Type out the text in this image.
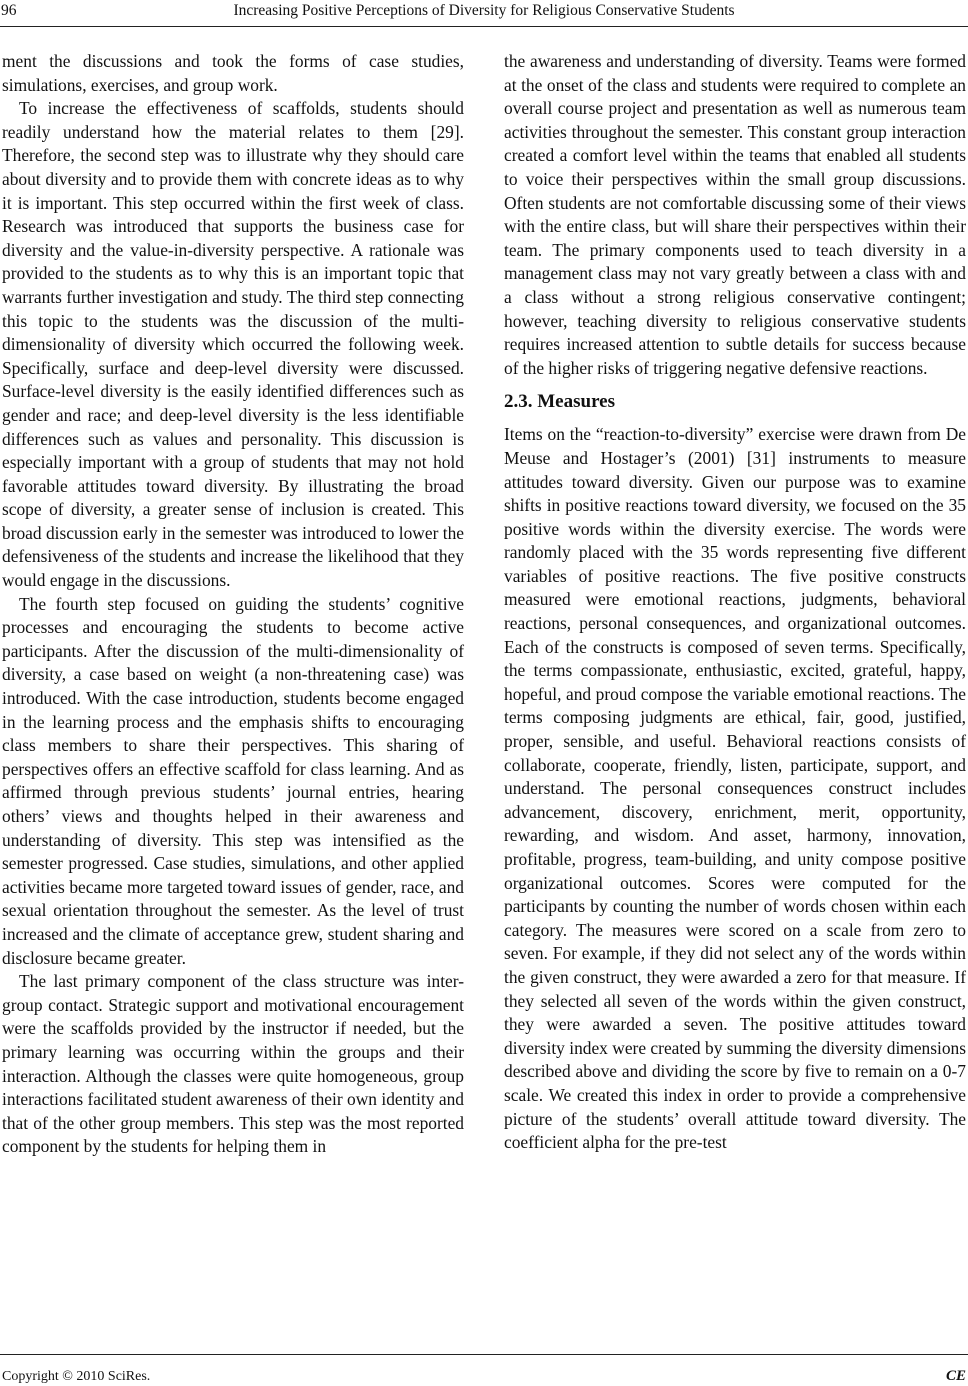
96	Increasing Positive Perceptions of Diversity for Religious Conservative Students

ment the discussions and took the forms of case studies, simulations, exercises, and group work.

To increase the effectiveness of scaffolds, students should readily understand how the material relates to them [29]. Therefore, the second step was to illustrate why they should care about diversity and to provide them with concrete ideas as to why it is important. This step occurred within the first week of class. Research was introduced that supports the business case for diversity and the value-in-diversity perspective. A rationale was provided to the students as to why this is an important topic that warrants further investigation and study. The third step connecting this topic to the students was the discussion of the multi-dimensionality of diversity which occurred the following week. Specifically, surface and deep-level diversity were discussed. Surface-level diversity is the easily identified differences such as gender and race; and deep-level diversity is the less identifiable differences such as values and personality. This discussion is especially important with a group of students that may not hold favorable attitudes toward diversity. By illustrating the broad scope of diversity, a greater sense of inclusion is created. This broad discussion early in the semester was introduced to lower the defensiveness of the students and increase the likelihood that they would engage in the discussions.

The fourth step focused on guiding the students’ cognitive processes and encouraging the students to become active participants. After the discussion of the multi-dimensionality of diversity, a case based on weight (a non-threatening case) was introduced. With the case introduction, students become engaged in the learning process and the emphasis shifts to encouraging class members to share their perspectives. This sharing of perspectives offers an effective scaffold for class learning. And as affirmed through previous students’ journal entries, hearing others’ views and thoughts helped in their awareness and understanding of diversity. This step was intensified as the semester progressed. Case studies, simulations, and other applied activities became more targeted toward issues of gender, race, and sexual orientation throughout the semester. As the level of trust increased and the climate of acceptance grew, student sharing and disclosure became greater.

The last primary component of the class structure was inter-group contact. Strategic support and motivational encouragement were the scaffolds provided by the instructor if needed, but the primary learning was occurring within the groups and their interaction. Although the classes were quite homogeneous, group interactions facilitated student awareness of their own identity and that of the other group members. This step was the most reported component by the students for helping them in

the awareness and understanding of diversity. Teams were formed at the onset of the class and students were required to complete an overall course project and presentation as well as numerous team activities throughout the semester. This constant group interaction created a comfort level within the teams that enabled all students to voice their perspectives within the small group discussions. Often students are not comfortable discussing some of their views with the entire class, but will share their perspectives within their team. The primary components used to teach diversity in a management class may not vary greatly between a class with and a class without a strong religious conservative contingent; however, teaching diversity to religious conservative students requires increased attention to subtle details for success because of the higher risks of triggering negative defensive reactions.

2.3. Measures

Items on the “reaction-to-diversity” exercise were drawn from De Meuse and Hostager’s (2001) [31] instruments to measure attitudes toward diversity. Given our purpose was to examine shifts in positive reactions toward diversity, we focused on the 35 positive words within the diversity exercise. The words were randomly placed with the 35 words representing five different variables of positive reactions. The five positive constructs measured were emotional reactions, judgments, behavioral reactions, personal consequences, and organizational outcomes. Each of the constructs is composed of seven terms. Specifically, the terms compassionate, enthusiastic, excited, grateful, happy, hopeful, and proud compose the variable emotional reactions. The terms composing judgments are ethical, fair, good, justified, proper, sensible, and useful. Behavioral reactions consists of collaborate, cooperate, friendly, listen, participate, support, and understand. The personal consequences construct includes advancement, discovery, enrichment, merit, opportunity, rewarding, and wisdom. And asset, harmony, innovation, profitable, progress, team-building, and unity compose positive organizational outcomes. Scores were computed for the participants by counting the number of words chosen within each category. The measures were scored on a scale from zero to seven. For example, if they did not select any of the words within the given construct, they were awarded a zero for that measure. If they selected all seven of the words within the given construct, they were awarded a seven. The positive attitudes toward diversity index were created by summing the diversity dimensions described above and dividing the score by five to remain on a 0-7 scale. We created this index in order to provide a comprehensive picture of the students’ overall attitude toward diversity. The coefficient alpha for the pre-test

Copyright © 2010 SciRes.	CE
